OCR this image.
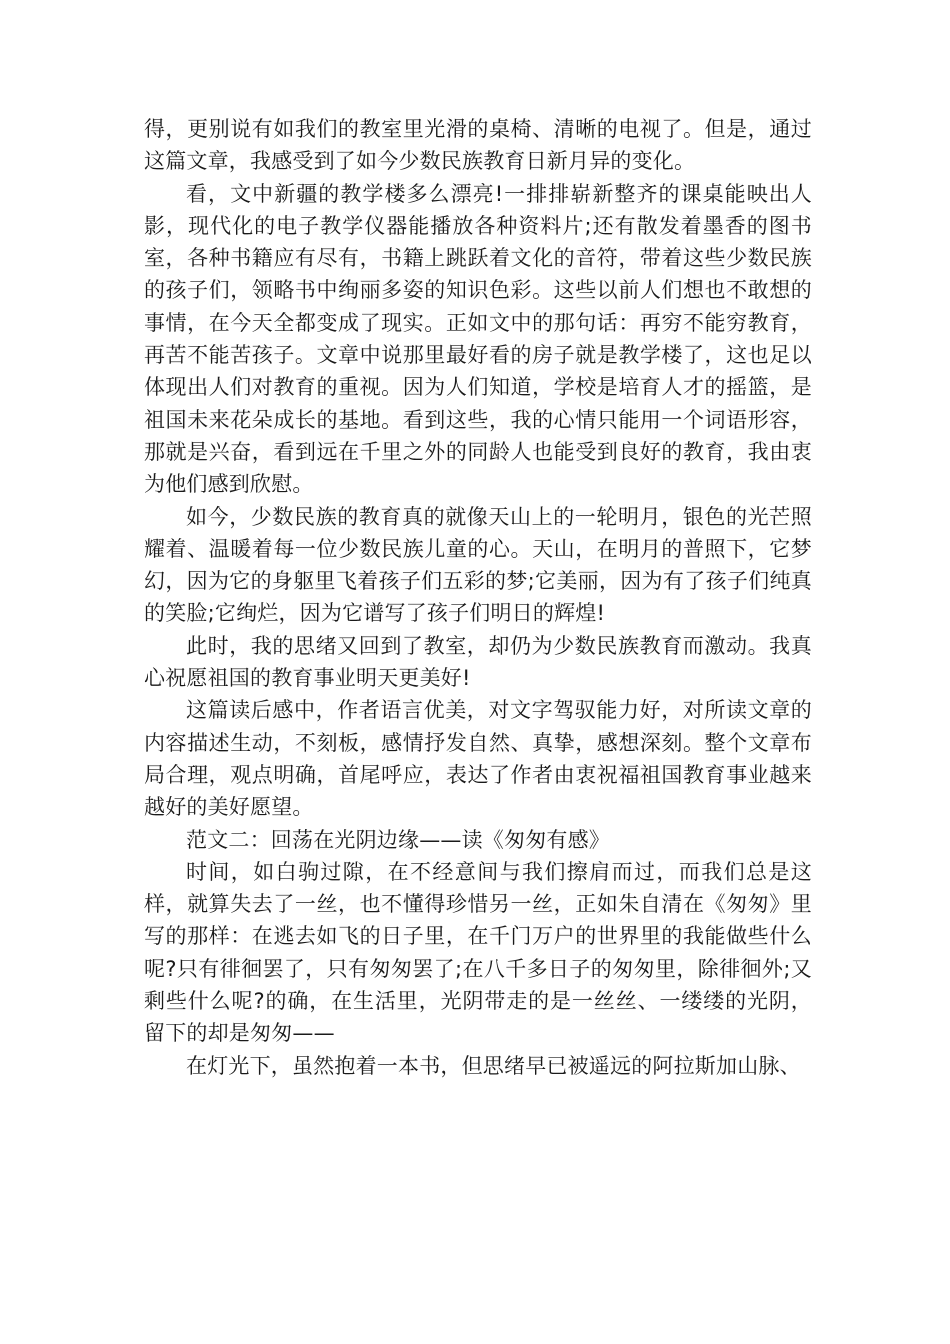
得，更别说有如我们的教室里光滑的桌椅、清晰的电视了。但是，通过这篇文章，我感受到了如今少数民族教育日新月异的变化。

看，文中新疆的教学楼多么漂亮!一排排崭新整齐的课桌能映出人影，现代化的电子教学仪器能播放各种资料片;还有散发着墨香的图书室，各种书籍应有尽有，书籍上跳跃着文化的音符，带着这些少数民族的孩子们，领略书中绚丽多姿的知识色彩。这些以前人们想也不敢想的事情，在今天全都变成了现实。正如文中的那句话：再穷不能穷教育，再苦不能苦孩子。文章中说那里最好看的房子就是教学楼了，这也足以体现出人们对教育的重视。因为人们知道，学校是培育人才的摇篮，是祖国未来花朵成长的基地。看到这些，我的心情只能用一个词语形容，那就是兴奋，看到远在千里之外的同龄人也能受到良好的教育，我由衷为他们感到欣慰。

如今，少数民族的教育真的就像天山上的一轮明月，银色的光芒照耀着、温暖着每一位少数民族儿童的心。天山，在明月的普照下，它梦幻，因为它的身躯里飞着孩子们五彩的梦;它美丽，因为有了孩子们纯真的笑脸;它绚烂，因为它谱写了孩子们明日的辉煌!

此时，我的思绪又回到了教室，却仍为少数民族教育而激动。我真心祝愿祖国的教育事业明天更美好!

这篇读后感中，作者语言优美，对文字驾驭能力好，对所读文章的内容描述生动，不刻板，感情抒发自然、真挚，感想深刻。整个文章布局合理，观点明确，首尾呼应，表达了作者由衷祝福祖国教育事业越来越好的美好愿望。

范文二：回荡在光阴边缘——读《匆匆有感》

时间，如白驹过隙，在不经意间与我们擦肩而过，而我们总是这样，就算失去了一丝，也不懂得珍惜另一丝，正如朱自清在《匆匆》里写的那样：在逃去如飞的日子里，在千门万户的世界里的我能做些什么呢?只有徘徊罢了，只有匆匆罢了;在八千多日子的匆匆里，除徘徊外;又剩些什么呢?的确，在生活里，光阴带走的是一丝丝、一缕缕的光阴，留下的却是匆匆——

在灯光下，虽然抱着一本书，但思绪早已被遥远的阿拉斯加山脉、
